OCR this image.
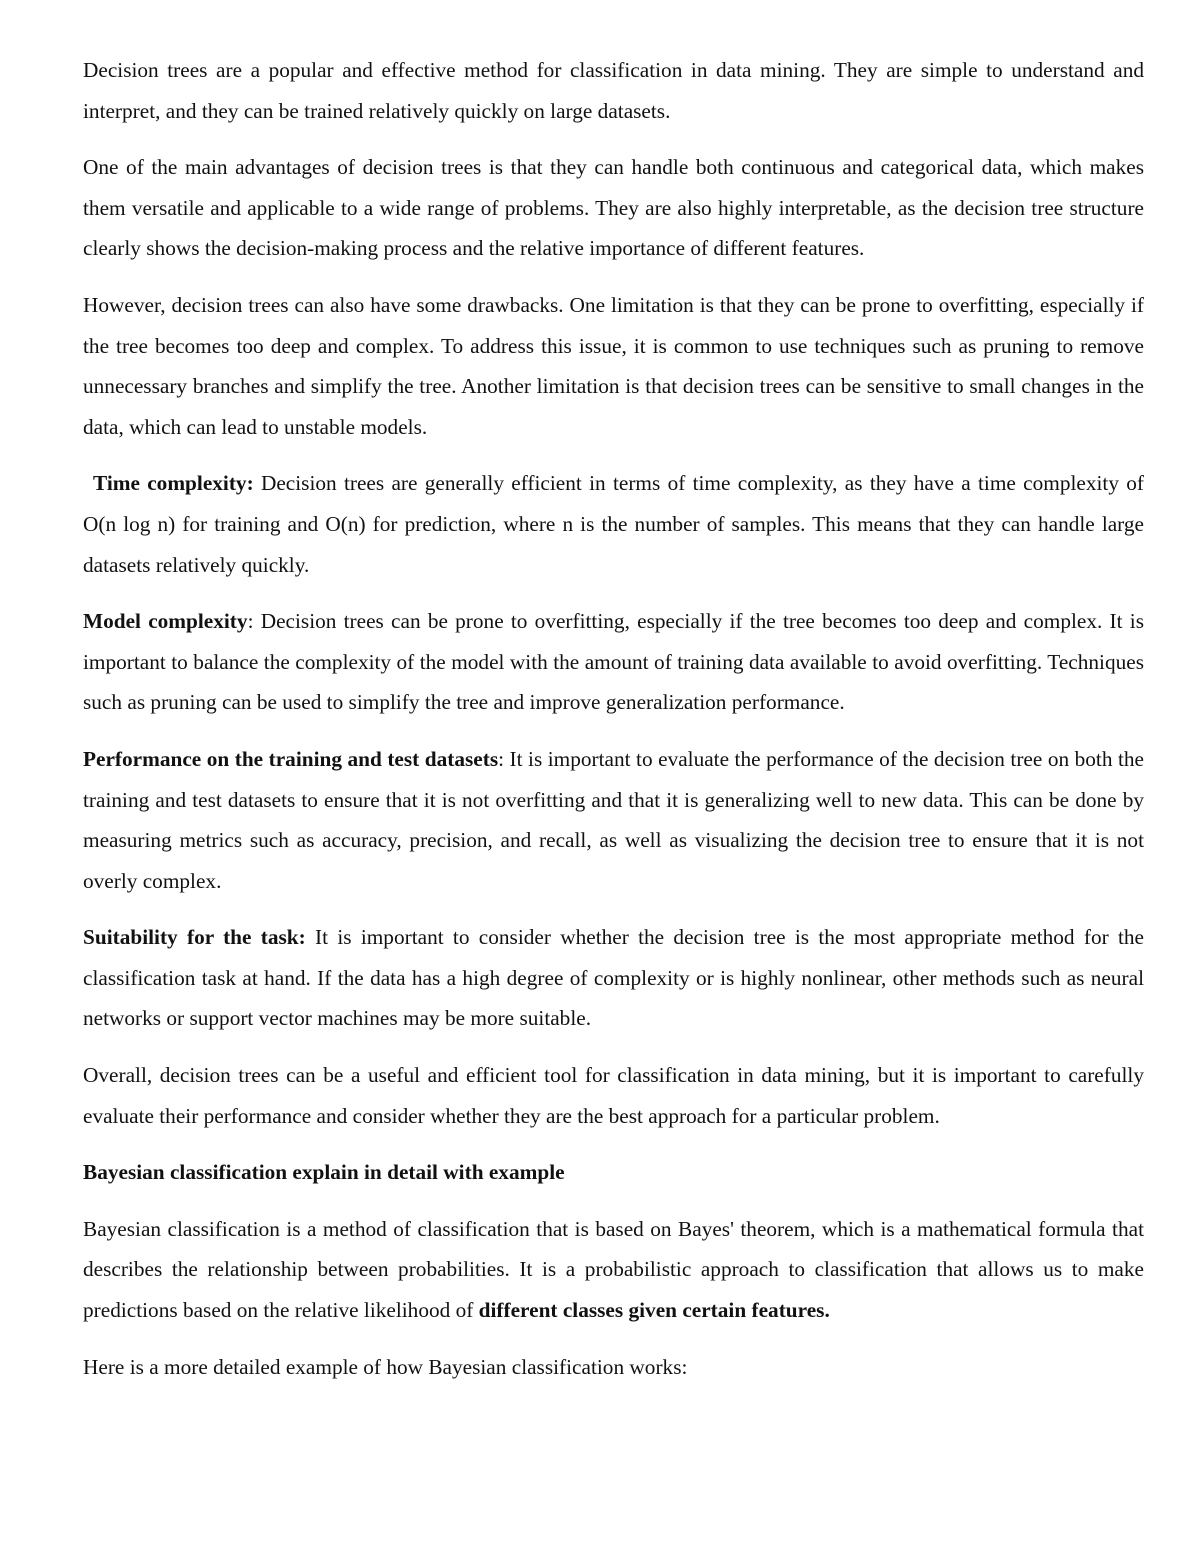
Decision trees are a popular and effective method for classification in data mining. They are simple to understand and interpret, and they can be trained relatively quickly on large datasets.

One of the main advantages of decision trees is that they can handle both continuous and categorical data, which makes them versatile and applicable to a wide range of problems. They are also highly interpretable, as the decision tree structure clearly shows the decision-making process and the relative importance of different features.

However, decision trees can also have some drawbacks. One limitation is that they can be prone to overfitting, especially if the tree becomes too deep and complex. To address this issue, it is common to use techniques such as pruning to remove unnecessary branches and simplify the tree. Another limitation is that decision trees can be sensitive to small changes in the data, which can lead to unstable models.

Time complexity: Decision trees are generally efficient in terms of time complexity, as they have a time complexity of O(n log n) for training and O(n) for prediction, where n is the number of samples. This means that they can handle large datasets relatively quickly.

Model complexity: Decision trees can be prone to overfitting, especially if the tree becomes too deep and complex. It is important to balance the complexity of the model with the amount of training data available to avoid overfitting. Techniques such as pruning can be used to simplify the tree and improve generalization performance.

Performance on the training and test datasets: It is important to evaluate the performance of the decision tree on both the training and test datasets to ensure that it is not overfitting and that it is generalizing well to new data. This can be done by measuring metrics such as accuracy, precision, and recall, as well as visualizing the decision tree to ensure that it is not overly complex.

Suitability for the task: It is important to consider whether the decision tree is the most appropriate method for the classification task at hand. If the data has a high degree of complexity or is highly nonlinear, other methods such as neural networks or support vector machines may be more suitable.

Overall, decision trees can be a useful and efficient tool for classification in data mining, but it is important to carefully evaluate their performance and consider whether they are the best approach for a particular problem.

Bayesian classification explain in detail with example

Bayesian classification is a method of classification that is based on Bayes' theorem, which is a mathematical formula that describes the relationship between probabilities. It is a probabilistic approach to classification that allows us to make predictions based on the relative likelihood of different classes given certain features.

Here is a more detailed example of how Bayesian classification works:
